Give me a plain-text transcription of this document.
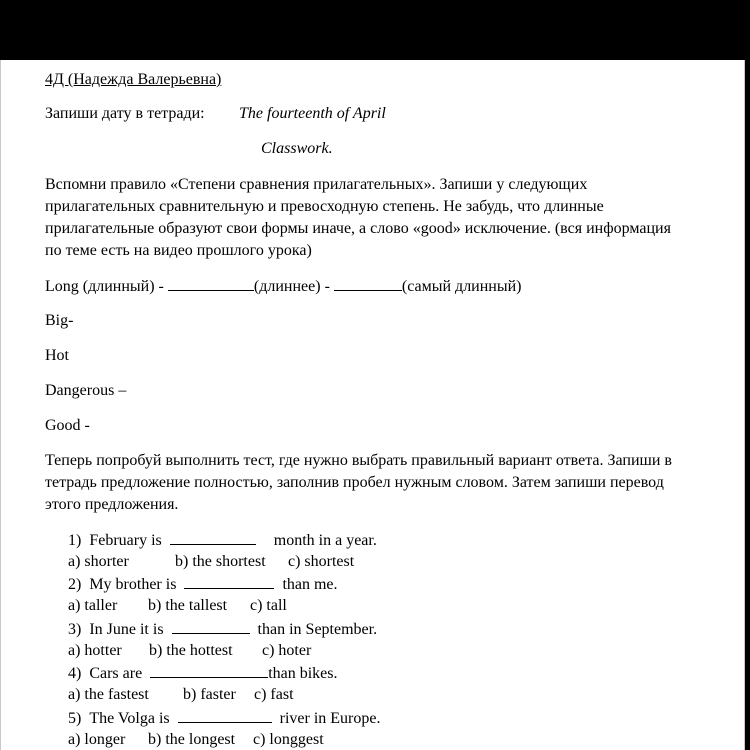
4Д (Надежда Валерьевна)
Запиши дату в тетради: The fourteenth of April
Classwork.
Вспомни правило «Степени сравнения прилагательных». Запиши у следующих прилагательных сравнительную и превосходную степень. Не забудь, что длинные прилагательные образуют свои формы иначе, а слово «good» исключение. (вся информация по теме есть на видео прошлого урока)
Long (длинный) -	(длиннее) -	(самый длинный)
Big-
Hot
Dangerous –
Good -
Теперь попробуй выполнить тест, где нужно выбрать правильный вариант ответа. Запиши в тетрадь предложение полностью, заполнив пробел нужным словом. Затем запиши перевод этого предложения.
1) February is	month in a year.
a) shorter	b) the shortest c) shortest
2) My brother is	than me.
a) taller b) the tallest c) tall
3) In June it is	than in September.
a) hotter b) the hottest c) hoter
4) Cars are	than bikes.
a) the fastest b) faster c) fast
5) The Volga is	river in Europe.
a) longer b) the longest c) longgest
